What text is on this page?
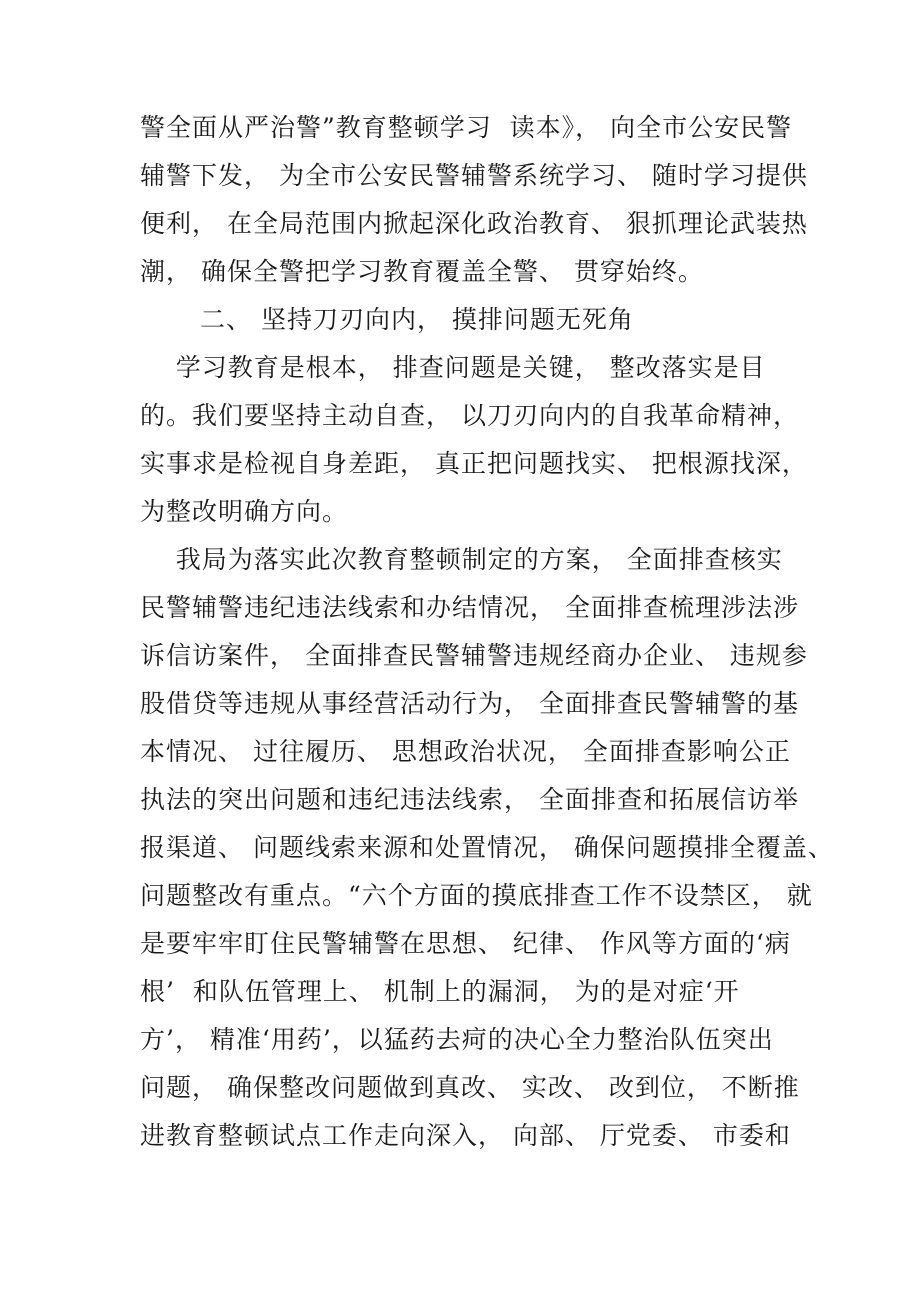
警全面从严治警”教育整顿学习  读本》， 向全市公安民警

辅警下发， 为全市公安民警辅警系统学习、 随时学习提供

便利， 在全局范围内掀起深化政治教育、 狠抓理论武装热

潮， 确保全警把学习教育覆盖全警、 贯穿始终。

二、 坚持刀刃向内， 摸排问题无死角

学习教育是根本， 排查问题是关键， 整改落实是目

的。我们要坚持主动自查， 以刀刃向内的自我革命精神，

实事求是检视自身差距， 真正把问题找实、 把根源找深，

为整改明确方向。

我局为落实此次教育整顿制定的方案， 全面排查核实

民警辅警违纪违法线索和办结情况， 全面排查梳理涉法涉

诉信访案件， 全面排查民警辅警违规经商办企业、 违规参

股借贷等违规从事经营活动行为， 全面排查民警辅警的基

本情况、 过往履历、 思想政治状况， 全面排查影响公正

执法的突出问题和违纪违法线索， 全面排查和拓展信访举

报渠道、 问题线索来源和处置情况， 确保问题摸排全覆盖、

问题整改有重点。“六个方面的摸底排查工作不设禁区， 就

是要牢牢盯住民警辅警在思想、 纪律、 作风等方面的‘病

根’  和队伍管理上、 机制上的漏洞， 为的是对症‘开

方’， 精准‘用药’，以猛药去疴的决心全力整治队伍突出

问题， 确保整改问题做到真改、 实改、 改到位， 不断推

进教育整顿试点工作走向深入， 向部、 厅党委、 市委和
